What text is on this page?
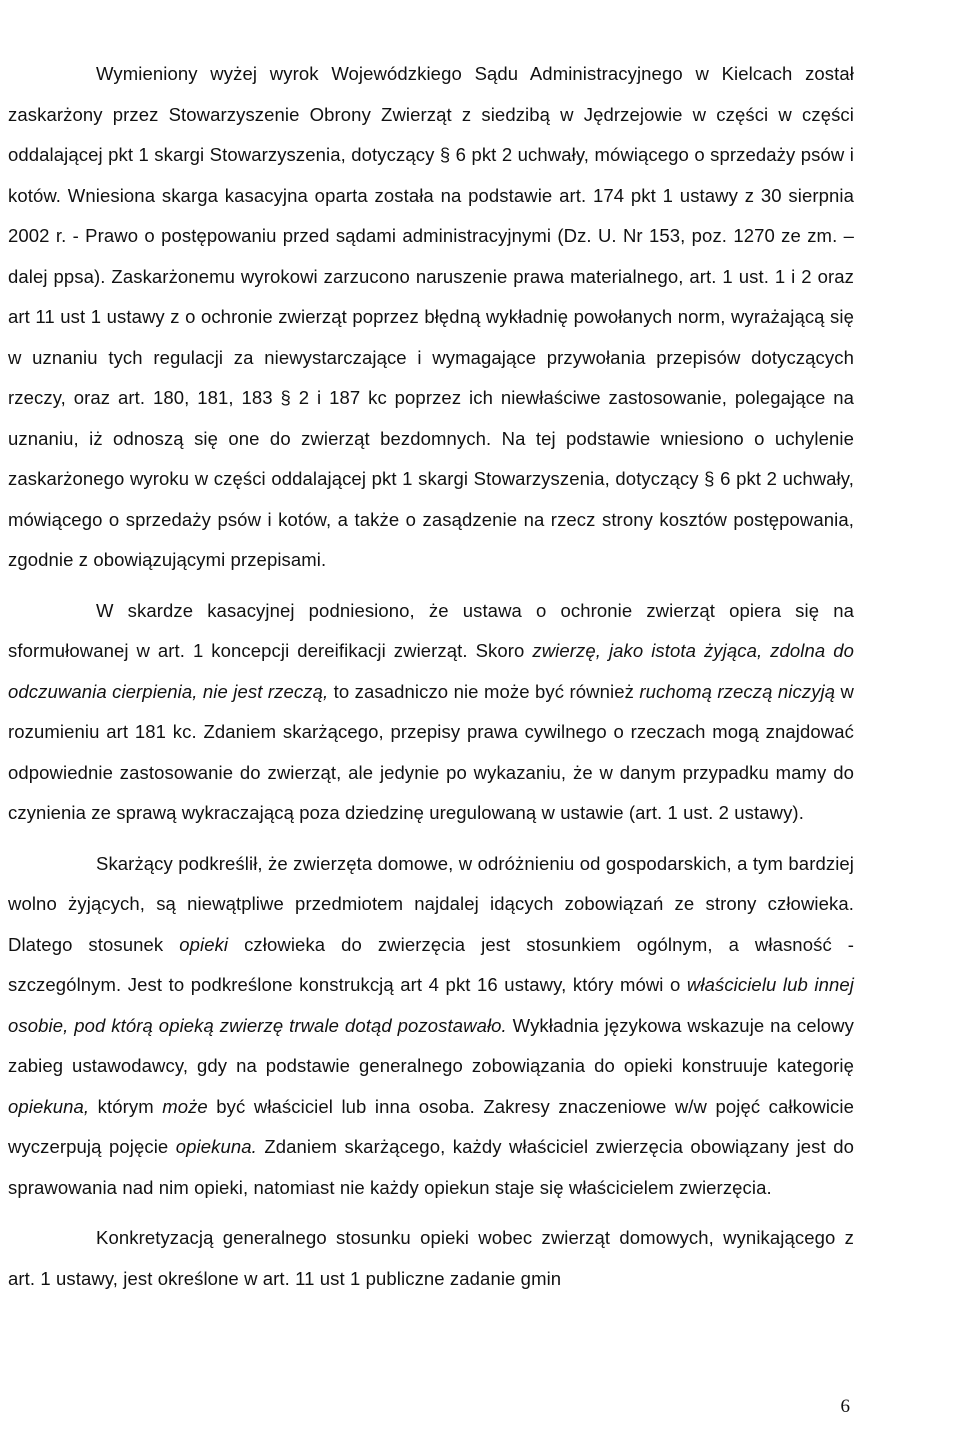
Wymieniony wyżej wyrok Wojewódzkiego Sądu Administracyjnego w Kielcach został zaskarżony przez Stowarzyszenie Obrony Zwierząt z siedzibą w Jędrzejowie w części w części oddalającej pkt 1 skargi Stowarzyszenia, dotyczący § 6 pkt 2 uchwały, mówiącego o sprzedaży psów i kotów. Wniesiona skarga kasacyjna oparta została na podstawie art. 174 pkt 1 ustawy z 30 sierpnia 2002 r. - Prawo o postępowaniu przed sądami administracyjnymi (Dz. U. Nr 153, poz. 1270 ze zm. – dalej ppsa). Zaskarżonemu wyrokowi zarzucono naruszenie prawa materialnego, art. 1 ust. 1 i 2 oraz art 11 ust 1 ustawy z o ochronie zwierząt poprzez błędną wykładnię powołanych norm, wyrażającą się w uznaniu tych regulacji za niewystarczające i wymagające przywołania przepisów dotyczących rzeczy, oraz art. 180, 181, 183 § 2 i 187 kc poprzez ich niewłaściwe zastosowanie, polegające na uznaniu, iż odnoszą się one do zwierząt bezdomnych. Na tej podstawie wniesiono o uchylenie zaskarżonego wyroku w części oddalającej pkt 1 skargi Stowarzyszenia, dotyczący § 6 pkt 2 uchwały, mówiącego o sprzedaży psów i kotów, a także o zasądzenie na rzecz strony kosztów postępowania, zgodnie z obowiązującymi przepisami.

W skardze kasacyjnej podniesiono, że ustawa o ochronie zwierząt opiera się na sformułowanej w art. 1 koncepcji dereifikacji zwierząt. Skoro zwierzę, jako istota żyjąca, zdolna do odczuwania cierpienia, nie jest rzeczą, to zasadniczo nie może być również ruchomą rzeczą niczyją w rozumieniu art 181 kc. Zdaniem skarżącego, przepisy prawa cywilnego o rzeczach mogą znajdować odpowiednie zastosowanie do zwierząt, ale jedynie po wykazaniu, że w danym przypadku mamy do czynienia ze sprawą wykraczającą poza dziedzinę uregulowaną w ustawie (art. 1 ust. 2 ustawy).

Skarżący podkreślił, że zwierzęta domowe, w odróżnieniu od gospodarskich, a tym bardziej wolno żyjących, są niewątpliwe przedmiotem najdalej idących zobowiązań ze strony człowieka. Dlatego stosunek opieki człowieka do zwierzęcia jest stosunkiem ogólnym, a własność - szczególnym. Jest to podkreślone konstrukcją art 4 pkt 16 ustawy, który mówi o właścicielu lub innej osobie, pod którą opieką zwierzę trwale dotąd pozostawało. Wykładnia językowa wskazuje na celowy zabieg ustawodawcy, gdy na podstawie generalnego zobowiązania do opieki konstruuje kategorię opiekuna, którym może być właściciel lub inna osoba. Zakresy znaczeniowe w/w pojęć całkowicie wyczerpują pojęcie opiekuna. Zdaniem skarżącego, każdy właściciel zwierzęcia obowiązany jest do sprawowania nad nim opieki, natomiast nie każdy opiekun staje się właścicielem zwierzęcia.

Konkretyzacją generalnego stosunku opieki wobec zwierząt domowych, wynikającego z art. 1 ustawy, jest określone w art. 11 ust 1 publiczne zadanie gmin

6
